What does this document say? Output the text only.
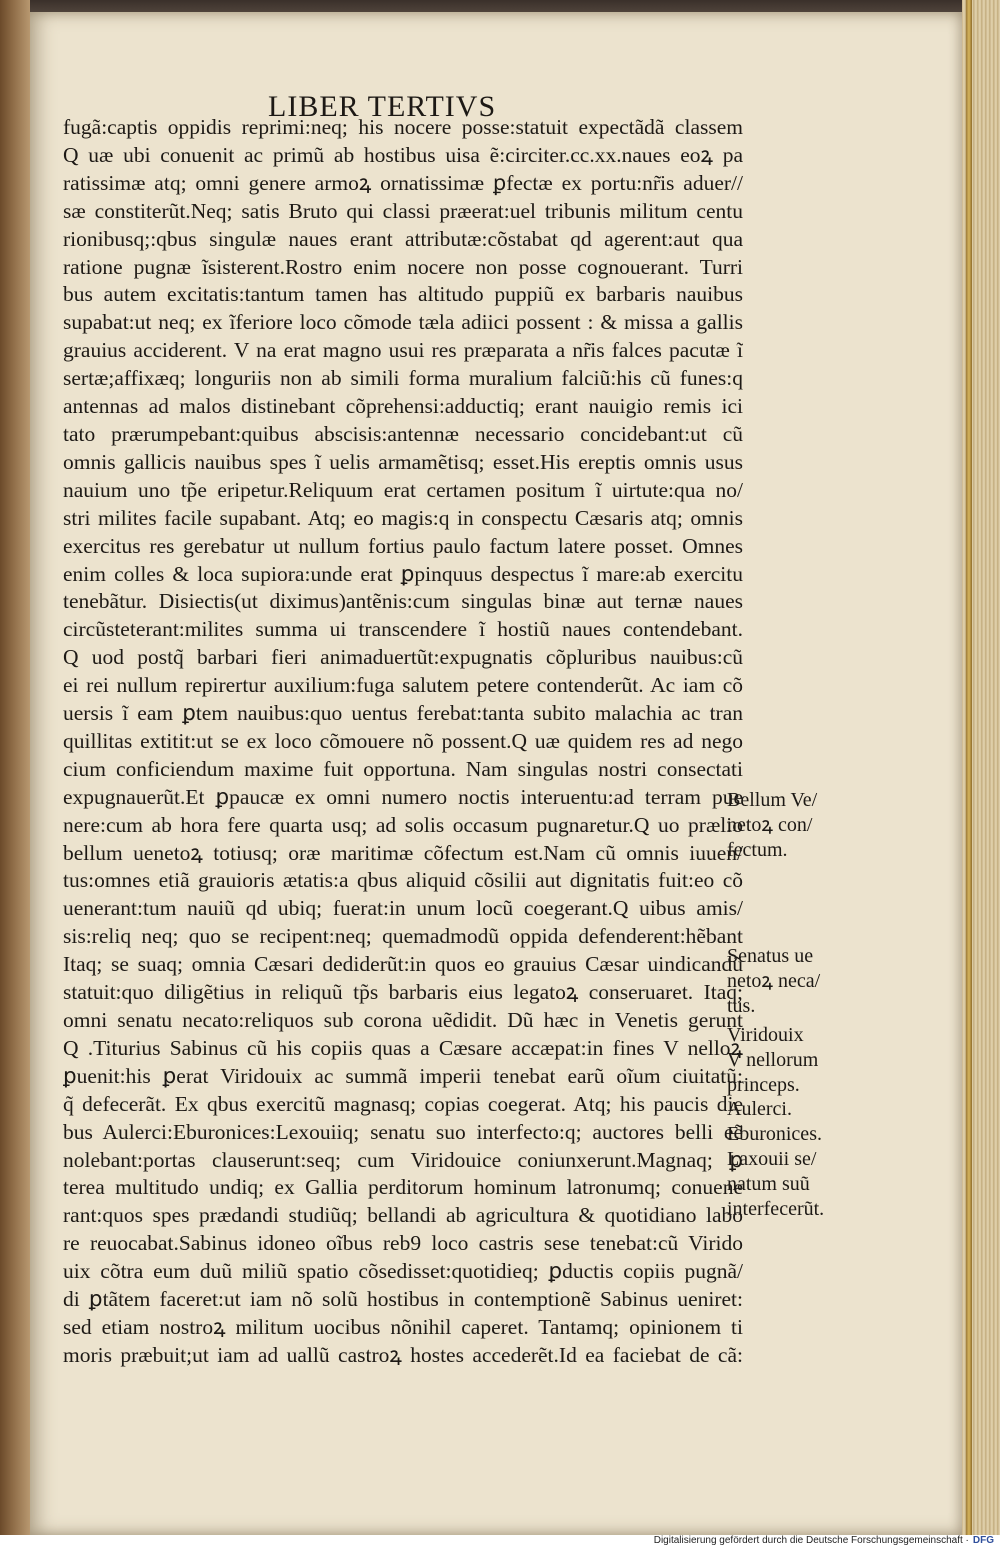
LIBER TERTIVS
fugã:captis oppidis reprimi:neq; his nocere posse:statuit expectãdã classem
Q uæ ubi conuenit ac primũ ab hostibus uisa ẽ:circiter.cc.xx.naues eoꝝ pa
ratissimæ atq; omni genere armoꝝ ornatissimæ ꝑfectæ ex portu:nr̃is aduer//
sæ constiterũt.Neq; satis Bruto qui classi præerat:uel tribunis militum centu
rionibusq;:qbus singulæ naues erant attributæ:cõstabat qd agerent:aut qua
ratione pugnæ ĩsisterent.Rostro enim nocere non posse cognouerant. Turri
bus autem excitatis:tantum tamen has altitudo puppiũ ex barbaris nauibus
supabat:ut neq; ex ĩferiore loco cõmode tæla adiici possent : & missa a gallis
grauius acciderent. V na erat magno usui res præparata a nr̃is falces pacutæ ĩ
sertæ;affixæq; longuriis non ab simili forma muralium falciũ:his cũ funes:q
antennas ad malos distinebant cõprehensi:adductiq; erant nauigio remis ici
tato prærumpebant:quibus abscisis:antennæ necessario concidebant:ut cũ
omnis gallicis nauibus spes ĩ uelis armamẽtisq; esset.His ereptis omnis usus
nauium uno tp̃e eripetur.Reliquum erat certamen positum ĩ uirtute:qua no/
stri milites facile supabant. Atq; eo magis:q in conspectu Cæsaris atq; omnis
exercitus res gerebatur ut nullum fortius paulo factum latere posset. Omnes
enim colles & loca supiora:unde erat ꝑpinquus despectus ĩ mare:ab exercitu
tenebãtur. Disiectis(ut diximus)antẽnis:cum singulas binæ aut ternæ naues
circũsteterant:milites summa ui transcendere ĩ hostiũ naues contendebant.
Q uod postq̃ barbari fieri animaduertũt:expugnatis cõpluribus nauibus:cũ
ei rei nullum repirertur auxilium:fuga salutem petere contenderũt. Ac iam cõ
uersis ĩ eam ꝑtem nauibus:quo uentus ferebat:tanta subito malachia ac tran
quillitas extitit:ut se ex loco cõmouere nõ possent.Q uæ quidem res ad nego
cium conficiendum maxime fuit opportuna. Nam singulas nostri consectati
expugnauerũt.Et ꝑpaucæ ex omni numero noctis interuentu:ad terram pue
nere:cum ab hora fere quarta usq; ad solis occasum pugnaretur.Q uo prælio
bellum uenetoꝝ totiusq; oræ maritimæ cõfectum est.Nam cũ omnis iuuen/
tus:omnes etiã grauioris ætatis:a qbus aliquid cõsilii aut dignitatis fuit:eo cõ
uenerant:tum nauiũ qd ubiq; fuerat:in unum locũ coegerant.Q uibus amis/
sis:reliq neq; quo se recipent:neq; quemadmodũ oppida defenderent:hẽbant
Itaq; se suaq; omnia Cæsari dediderũt:in quos eo grauius Cæsar uindicandũ
statuit:quo diligẽtius in reliquũ tp̃s barbaris eius legatoꝝ conseruaret. Itaq;
omni senatu necato:reliquos sub corona uẽdidit. Dũ hæc in Venetis gerunt
Q .Titurius Sabinus cũ his copiis quas a Cæsare accæpat:in fines V nelloꝝ
ꝑuenit:his ꝑerat Viridouix ac summã imperii tenebat earũ oĩum ciuitatũ:
q̃ defecerãt. Ex qbus exercitũ magnasq; copias coegerat. Atq; his paucis die
bus Aulerci:Eburonices:Lexouiiq; senatu suo interfecto:q; auctores belli eẽ
nolebant:portas clauserunt:seq; cum Viridouice coniunxerunt.Magnaq; ꝑ
terea multitudo undiq; ex Gallia perditorum hominum latronumq; conuene
rant:quos spes prædandi studiũq; bellandi ab agricultura & quotidiano labo
re reuocabat.Sabinus idoneo oĩbus reb9 loco castris sese tenebat:cũ Virido
uix cõtra eum duũ miliũ spatio cõsedisset:quotidieq; ꝑductis copiis pugnã/
di ꝑtãtem faceret:ut iam nõ solũ hostibus in contemptionẽ Sabinus ueniret:
sed etiam nostroꝝ militum uocibus nõnihil caperet. Tantamq; opinionem ti
moris præbuit;ut iam ad uallũ castroꝝ hostes accederẽt.Id ea faciebat de cã:
Bellum Ve/
netoꝝ con/
fectum.
Senatus ue
netoꝝ neca/
tus.
Viridouix
V nellorum
princeps.
Aulerci.
Eburonices.
Laxouii se/
natum suũ
interfecerũt.
Digitalisierung gefördert durch die Deutsche Forschungsgemeinschaft · DFG
